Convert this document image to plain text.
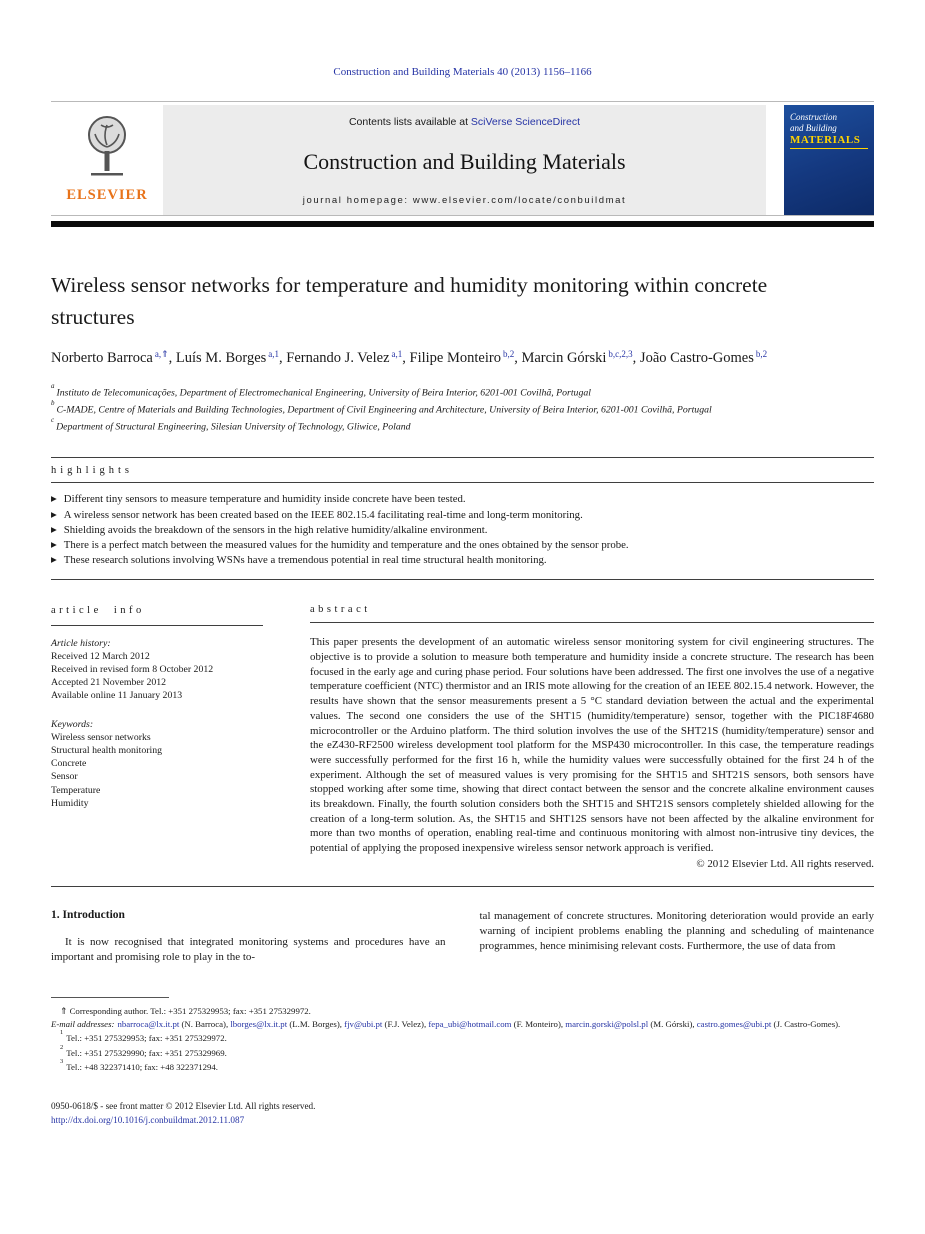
Construction and Building Materials 40 (2013) 1156–1166
ELSEVIER
Contents lists available at SciVerse ScienceDirect
Construction and Building Materials
journal homepage: www.elsevier.com/locate/conbuildmat
Construction
and Building
MATERIALS
Wireless sensor networks for temperature and humidity monitoring within concrete structures
Norberto Barroca $^{a,⇑}$, Luís M. Borges $^{a,1}$, Fernando J. Velez $^{a,1}$, Filipe Monteiro $^{b,2}$, Marcin Górski $^{b,c,2,3}$, João Castro-Gomes $^{b,2}$
$^a$Instituto de Telecomunicações, Department of Electromechanical Engineering, University of Beira Interior, 6201-001 Covilhã, Portugal
$^b$C-MADE, Centre of Materials and Building Technologies, Department of Civil Engineering and Architecture, University of Beira Interior, 6201-001 Covilhã, Portugal
$^c$Department of Structural Engineering, Silesian University of Technology, Gliwice, Poland
highlights
▶ Different tiny sensors to measure temperature and humidity inside concrete have been tested.
▶ A wireless sensor network has been created based on the IEEE 802.15.4 facilitating real-time and long-term monitoring.
▶ Shielding avoids the breakdown of the sensors in the high relative humidity/alkaline environment.
▶ There is a perfect match between the measured values for the humidity and temperature and the ones obtained by the sensor probe.
▶ These research solutions involving WSNs have a tremendous potential in real time structural health monitoring.
article info
Article history:
Received 12 March 2012
Received in revised form 8 October 2012
Accepted 21 November 2012
Available online 11 January 2013
Keywords:
Wireless sensor networks
Structural health monitoring
Concrete
Sensor
Temperature
Humidity
abstract
This paper presents the development of an automatic wireless sensor monitoring system for civil engineering structures. The objective is to provide a solution to measure both temperature and humidity inside a concrete structure. The research has been focused in the early age and curing phase period. Four solutions have been addressed. The first one involves the use of a negative temperature coefficient (NTC) thermistor and an IRIS mote allowing for the creation of an IEEE 802.15.4 network. However, the results have shown that the sensor measurements present a 5 °C standard deviation between the actual and the experimental values. The second one considers the use of the SHT15 (humidity/temperature) sensor, together with the PIC18F4680 microcontroller or the Arduino platform. The third solution involves the use of the SHT21S (humidity/temperature) sensor and the eZ430-RF2500 wireless development tool platform for the MSP430 microcontroller. In this case, the temperature readings were successfully performed for the first 16 h, while the humidity values were successfully obtained for the first 24 h of the experiment. Although the set of measured values is very promising for the SHT15 and SHT21S sensors, both sensors have stopped working after some time, showing that direct contact between the sensor and the concrete alkaline environment causes its breakdown. Finally, the fourth solution considers both the SHT15 and SHT21S sensors completely shielded allowing for the creation of a long-term solution. As, the SHT15 and SHT12S sensors have not been affected by the alkaline environment for more than two months of operation, enabling real-time and continuous monitoring with almost non-intrusive tiny devices, the potential of applying the proposed inexpensive wireless sensor network approach is verified.
© 2012 Elsevier Ltd. All rights reserved.
1. Introduction
It is now recognised that integrated monitoring systems and procedures have an important and promising role to play in the to-
tal management of concrete structures. Monitoring deterioration would provide an early warning of incipient problems enabling the planning and scheduling of maintenance programmes, hence minimising relevant costs. Furthermore, the use of data from
⇑ Corresponding author. Tel.: +351 275329953; fax: +351 275329972.
E-mail addresses: nbarroca@lx.it.pt (N. Barroca), lborges@lx.it.pt (L.M. Borges), fjv@ubi.pt (F.J. Velez), fepa_ubi@hotmail.com (F. Monteiro), marcin.gorski@polsl.pl (M. Górski), castro.gomes@ubi.pt (J. Castro-Gomes).
$^1$Tel.: +351 275329953; fax: +351 275329972.
$^2$Tel.: +351 275329990; fax: +351 275329969.
$^3$Tel.: +48 322371410; fax: +48 322371294.
0950-0618/$ - see front matter © 2012 Elsevier Ltd. All rights reserved.
http://dx.doi.org/10.1016/j.conbuildmat.2012.11.087
